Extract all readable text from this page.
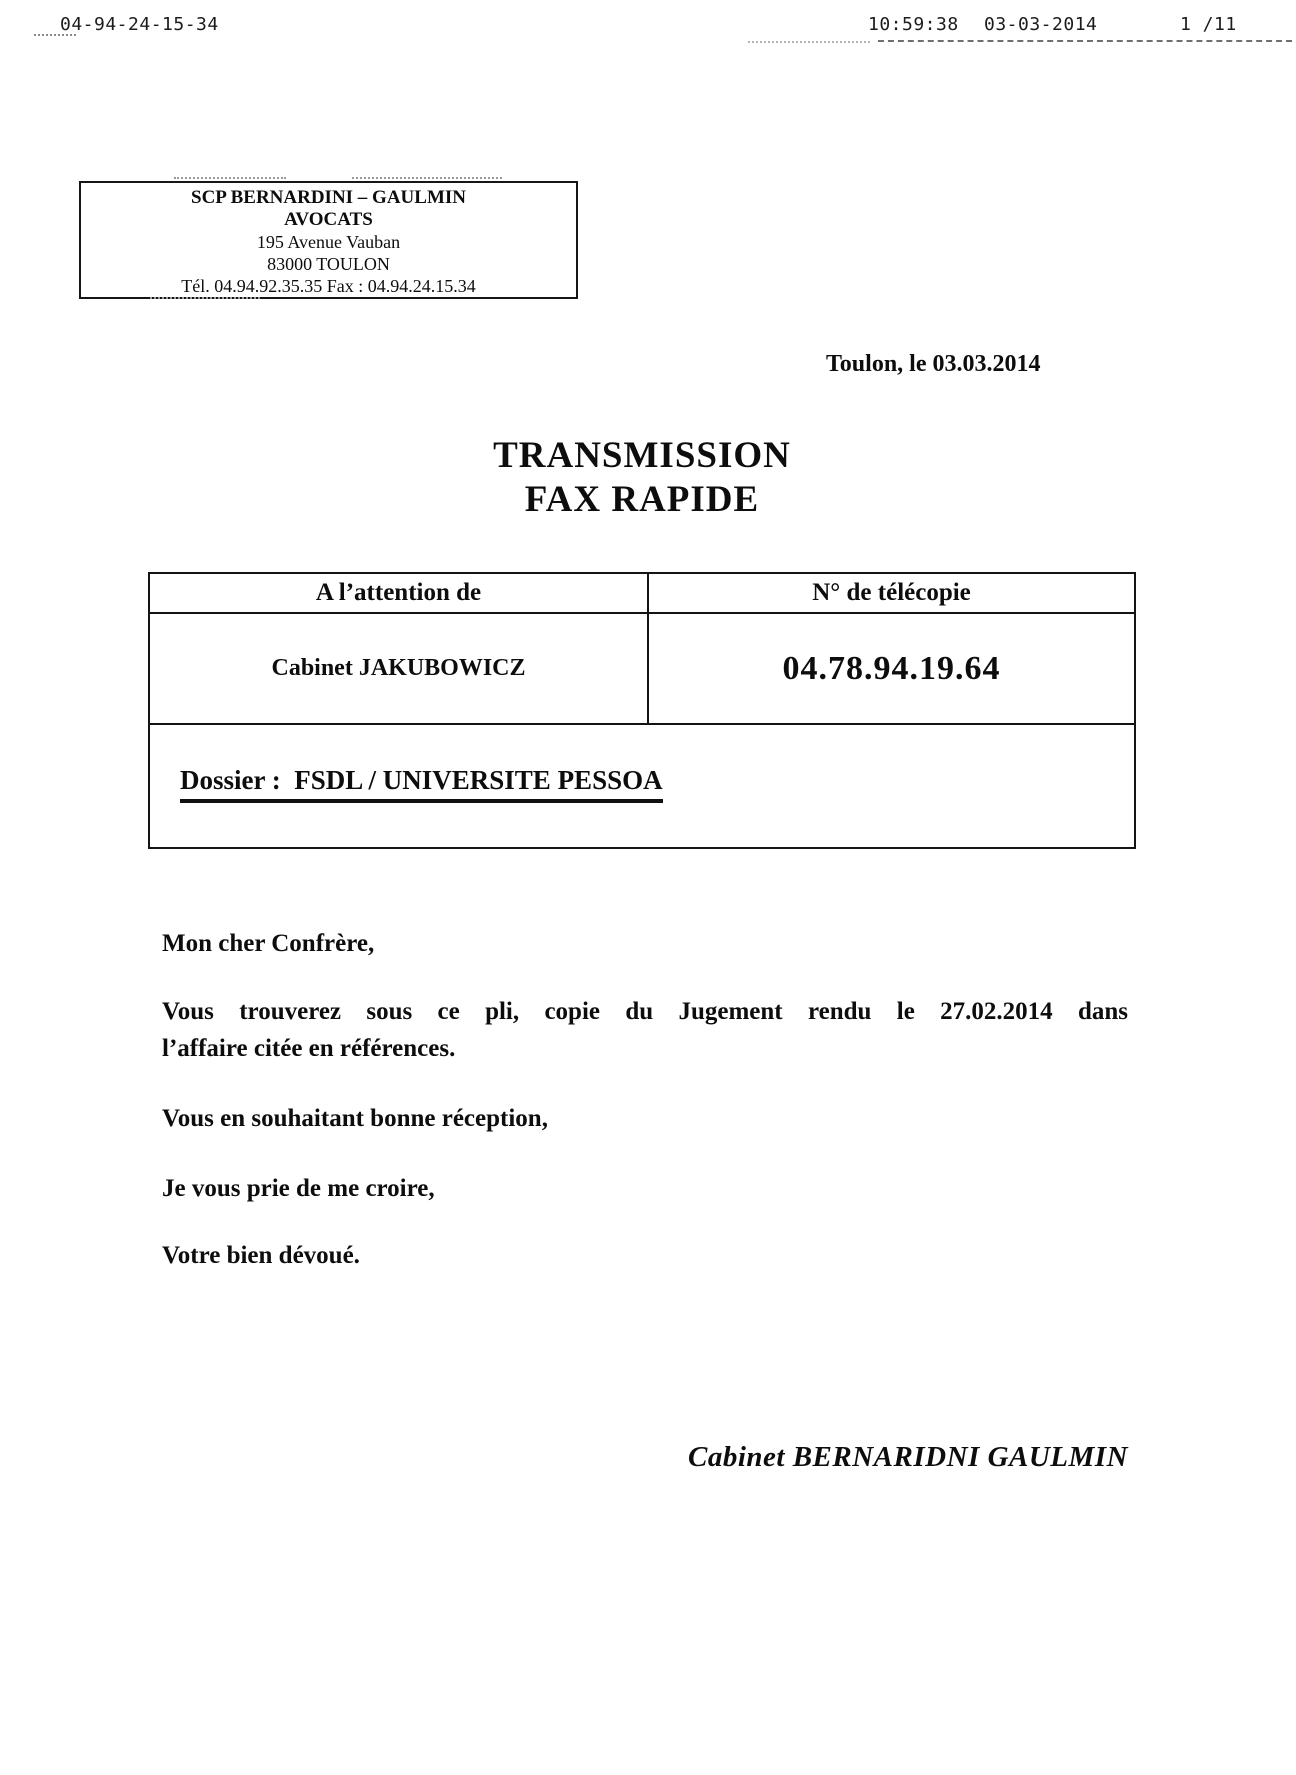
04-94-24-15-34	10:59:38 03-03-2014	1 /11
SCP BERNARDINI – GAULMIN
AVOCATS
195 Avenue Vauban
83000 TOULON
Tél. 04.94.92.35.35 Fax : 04.94.24.15.34
Toulon, le 03.03.2014
TRANSMISSION
FAX RAPIDE
A l’attention de	N° de télécopie
Cabinet JAKUBOWICZ	04.78.94.19.64
Dossier :  FSDL / UNIVERSITE PESSOA
Mon cher Confrère,
Vous trouverez sous ce pli, copie du Jugement rendu le 27.02.2014 dans
l’affaire citée en références.
Vous en souhaitant bonne réception,
Je vous prie de me croire,
Votre bien dévoué.
Cabinet BERNARIDNI GAULMIN
